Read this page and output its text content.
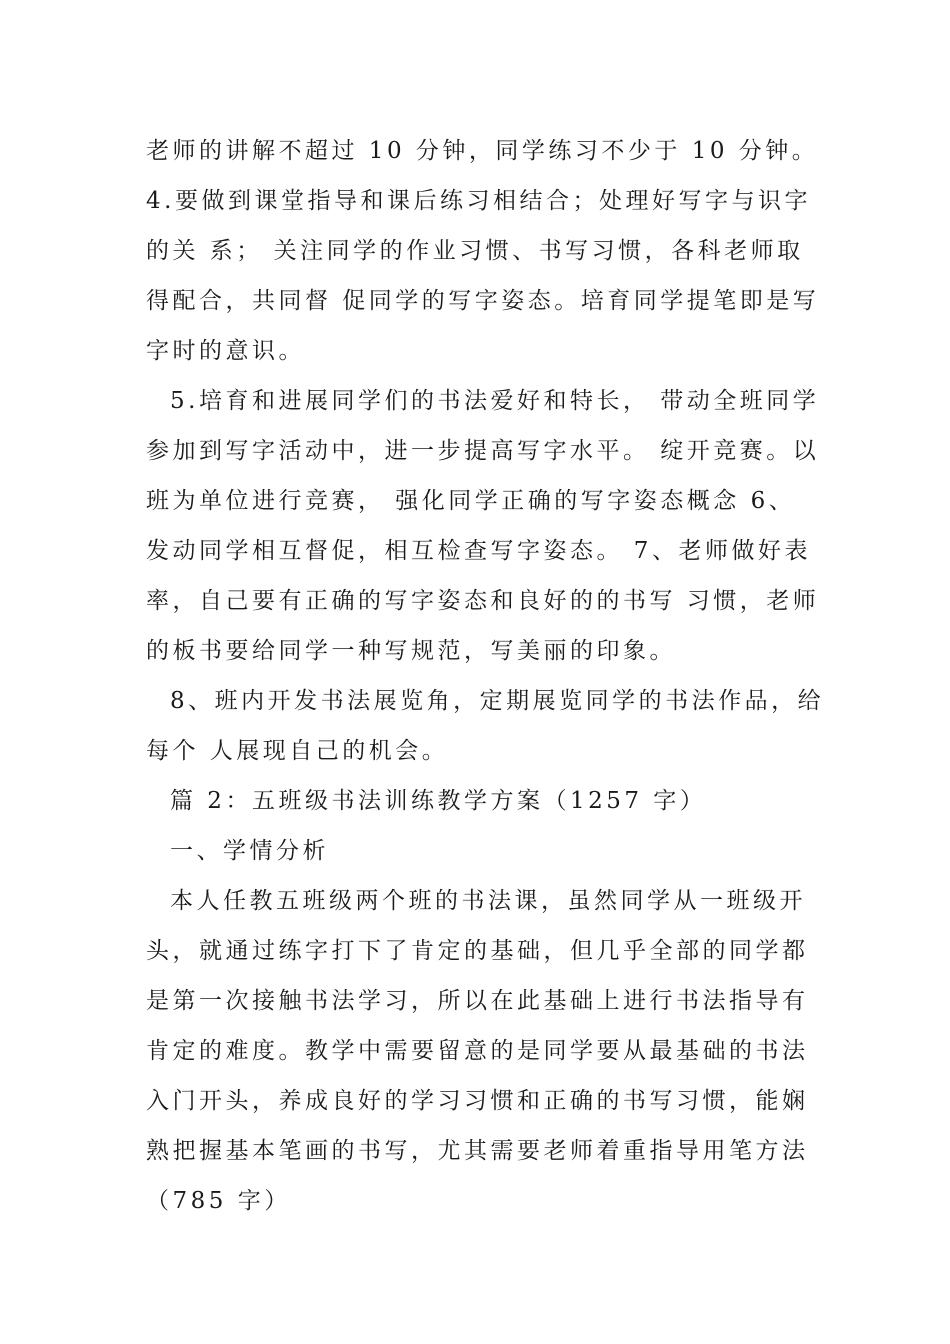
老师的讲解不超过 10 分钟，同学练习不少于 10 分钟。
4.要做到课堂指导和课后练习相结合；处理好写字与识字
的关 系； 关注同学的作业习惯、书写习惯，各科老师取
得配合，共同督 促同学的写字姿态。培育同学提笔即是写
字时的意识。
5.培育和进展同学们的书法爱好和特长， 带动全班同学
参加到写字活动中，进一步提高写字水平。 绽开竞赛。以
班为单位进行竞赛， 强化同学正确的写字姿态概念 6、
发动同学相互督促，相互检查写字姿态。 7、老师做好表
率，自己要有正确的写字姿态和良好的的书写 习惯，老师
的板书要给同学一种写规范，写美丽的印象。
8、班内开发书法展览角，定期展览同学的书法作品，给
每个 人展现自己的机会。
篇 2：五班级书法训练教学方案（1257 字）
一、学情分析
本人任教五班级两个班的书法课，虽然同学从一班级开
头，就通过练字打下了肯定的基础，但几乎全部的同学都
是第一次接触书法学习，所以在此基础上进行书法指导有
肯定的难度。教学中需要留意的是同学要从最基础的书法
入门开头，养成良好的学习习惯和正确的书写习惯，能娴
熟把握基本笔画的书写，尤其需要老师着重指导用笔方法
（785 字）
